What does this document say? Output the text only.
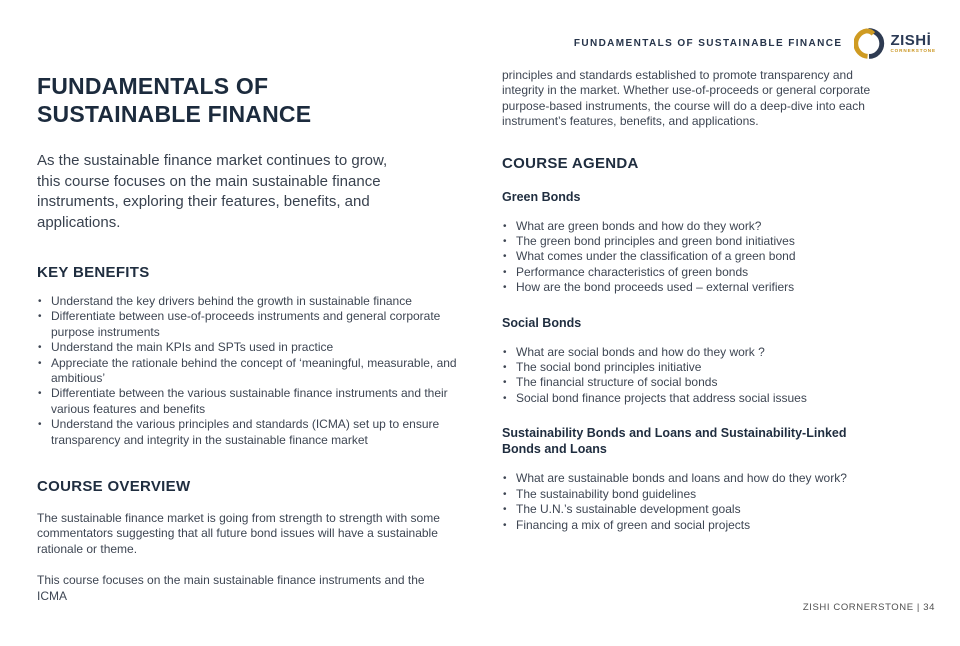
FUNDAMENTALS OF SUSTAINABLE FINANCE	ZISHİ
CORNERSTONE
FUNDAMENTALS OF
SUSTAINABLE FINANCE

As the sustainable finance market continues to grow, this course focuses on the main sustainable finance instruments, exploring their features, benefits, and applications.

KEY BENEFITS
• Understand the key drivers behind the growth in sustainable finance
• Differentiate between use-of-proceeds instruments and general corporate purpose instruments
• Understand the main KPIs and SPTs used in practice
• Appreciate the rationale behind the concept of ‘meaningful, measurable, and ambitious’
• Differentiate between the various sustainable finance instruments and their various features and benefits
• Understand the various principles and standards (ICMA) set up to ensure transparency and integrity in the sustainable finance market
COURSE OVERVIEW

The sustainable finance market is going from strength to strength with some commentators suggesting that all future bond issues will have a sustainable rationale or theme.

This course focuses on the main sustainable finance instruments and the ICMA

principles and standards established to promote transparency and integrity in the market. Whether use-of-proceeds or general corporate purpose-based instruments, the course will do a deep-dive into each instrument’s features, benefits, and applications.

COURSE AGENDA
Green Bonds
• What are green bonds and how do they work?
• The green bond principles and green bond initiatives
• What comes under the classification of a green bond
• Performance characteristics of green bonds
• How are the bond proceeds used – external verifiers
Social Bonds
• What are social bonds and how do they work ?
• The social bond principles initiative
• The financial structure of social bonds
• Social bond finance projects that address social issues
Sustainability Bonds and Loans and Sustainability-Linked Bonds and Loans
• What are sustainable bonds and loans and how do they work?
• The sustainability bond guidelines
• The U.N.’s sustainable development goals
• Financing a mix of green and social projects
ZISHI CORNERSTONE | 34
